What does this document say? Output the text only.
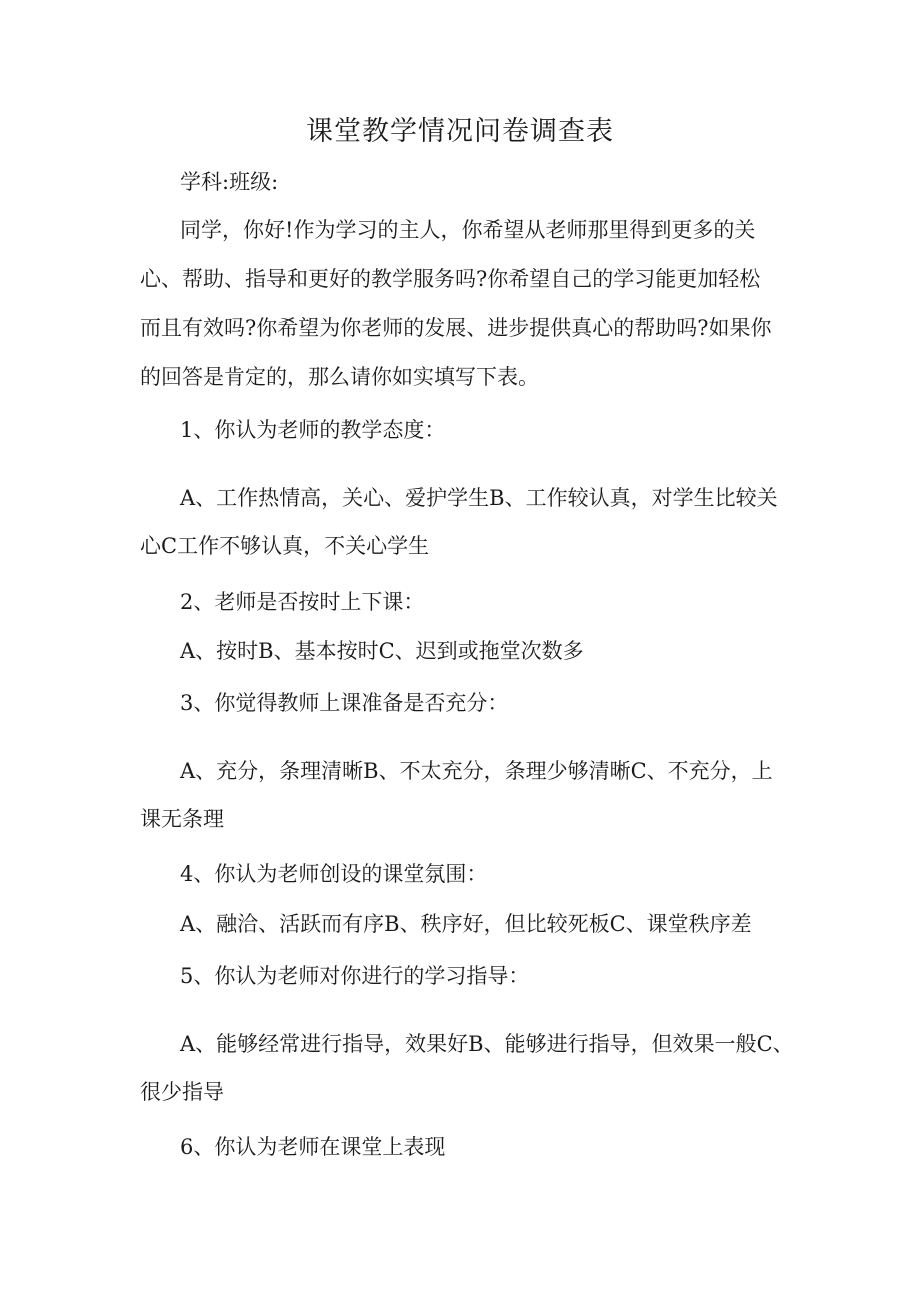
课堂教学情况问卷调查表
学科:班级:
同学，你好!作为学习的主人，你希望从老师那里得到更多的关
心、帮助、指导和更好的教学服务吗?你希望自己的学习能更加轻松
而且有效吗?你希望为你老师的发展、进步提供真心的帮助吗?如果你
的回答是肯定的，那么请你如实填写下表。
1、你认为老师的教学态度：
A、工作热情高，关心、爱护学生B、工作较认真，对学生比较关
心C工作不够认真，不关心学生
2、老师是否按时上下课：
A、按时B、基本按时C、迟到或拖堂次数多
3、你觉得教师上课准备是否充分：
A、充分，条理清晰B、不太充分，条理少够清晰C、不充分，上
课无条理
4、你认为老师创设的课堂氛围：
A、融洽、活跃而有序B、秩序好，但比较死板C、课堂秩序差
5、你认为老师对你进行的学习指导：
A、能够经常进行指导，效果好B、能够进行指导，但效果一般C、
很少指导
6、你认为老师在课堂上表现
